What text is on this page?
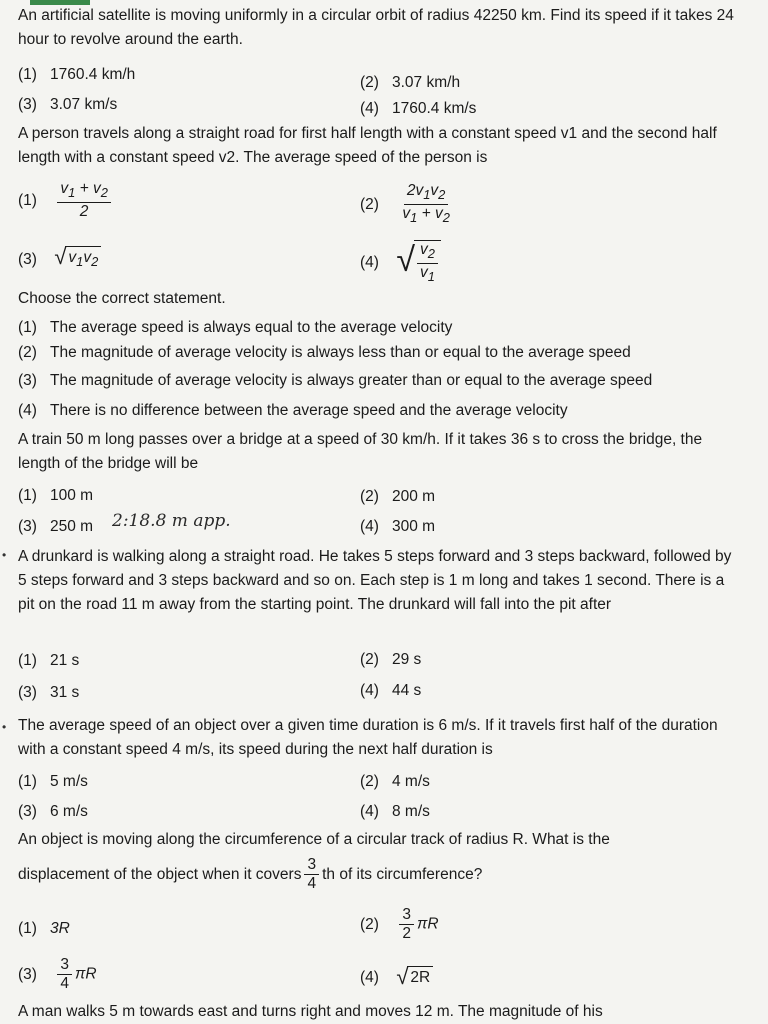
An artificial satellite is moving uniformly in a circular orbit of radius 42250 km. Find its speed if it takes 24 hour to revolve around the earth.
(1) 1760.4 km/h	(2) 3.07 km/h
(3) 3.07 km/s	(4) 1760.4 km/s
A person travels along a straight road for first half length with a constant speed v1 and the second half length with a constant speed v2. The average speed of the person is
$(1) \frac{v_1 + v_2}{2}$	$(2) \frac{2v_1v_2}{v_1 + v_2}$
(3) √ $v_1v_2$	(4) √ $\frac{v_2}{v_1}$
Choose the correct statement.
(1) The average speed is always equal to the average velocity
(2) The magnitude of average velocity is always less than or equal to the average speed
(3) The magnitude of average velocity is always greater than or equal to the average speed
(4) There is no difference between the average speed and the average velocity
A train 50 m long passes over a bridge at a speed of 30 km/h. If it takes 36 s to cross the bridge, the length of the bridge will be
(1) 100 m	(2) 200 m
(3) 250 m 2:18.8 m app.	(4) 300 m
• A drunkard is walking along a straight road. He takes 5 steps forward and 3 steps backward, followed by 5 steps forward and 3 steps backward and so on. Each step is 1 m long and takes 1 second. There is a pit on the road 11 m away from the starting point. The drunkard will fall into the pit after
(1) 21 s	(2) 29 s
(3) 31 s	(4) 44 s
• The average speed of an object over a given time duration is 6 m/s. If it travels first half of the duration with a constant speed 4 m/s, its speed during the next half duration is
(1) 5 m/s	(2) 4 m/s
(3) 6 m/s	(4) 8 m/s
An object is moving along the circumference of a circular track of radius R. What is the
displacement of the object when it covers $\frac{3}{4}$ th of its circumference?
(1) 3R	$(2) \frac{3}{2}$ πR
$(3) \frac{3}{4}$ πR	(4) √ 2R
A man walks 5 m towards east and turns right and moves 12 m. The magnitude of his
